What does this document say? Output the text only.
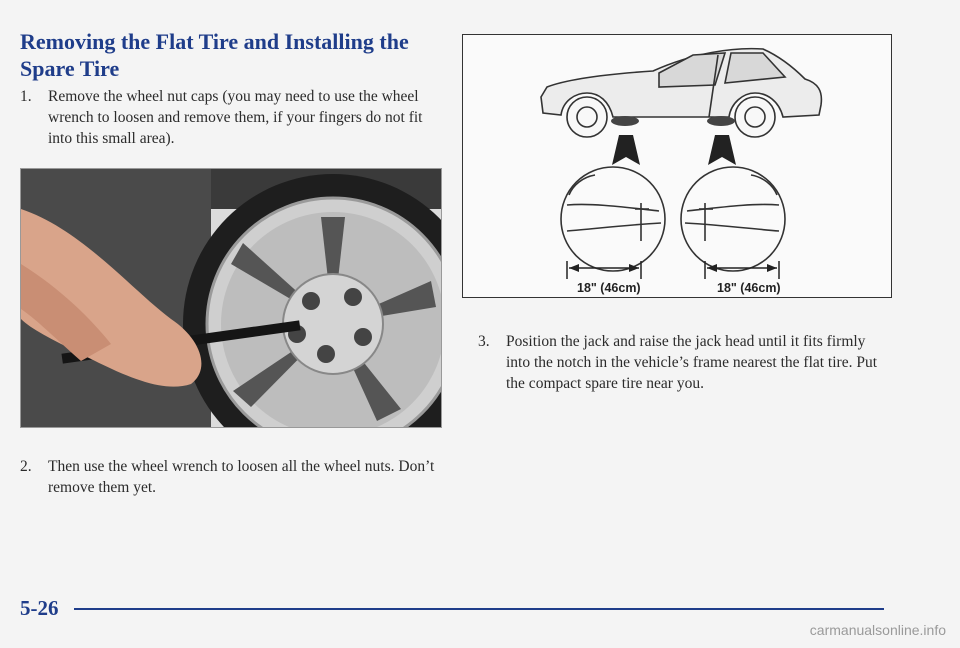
Removing the Flat Tire and Installing the Spare Tire
1.	Remove the wheel nut caps (you may need to use the wheel wrench to loosen and remove them, if your fingers do not fit into this small area).
2.	Then use the wheel wrench to loosen all the wheel nuts. Don’t remove them yet.
18" (46cm)	18" (46cm)
3.	Position the jack and raise the jack head until it fits firmly into the notch in the vehicle’s frame nearest the flat tire. Put the compact spare tire near you.
5-26
carmanualsonline.info
